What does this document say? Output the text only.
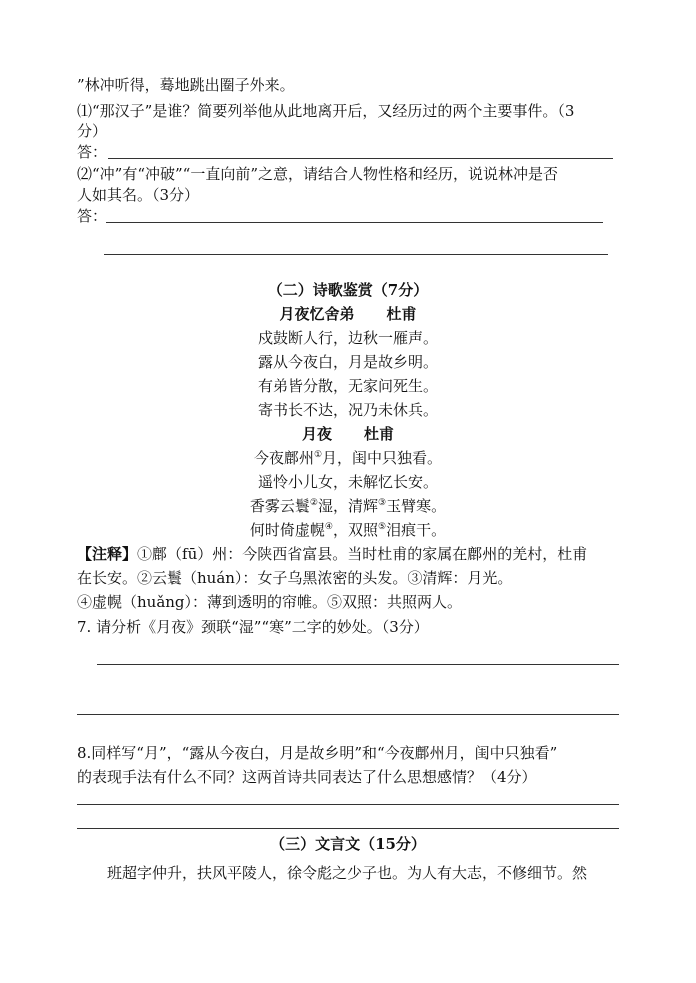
”林冲听得，蓦地跳出圈子外来。
⑴“那汉子”是谁？简要列举他从此地离开后，又经历过的两个主要事件。（3
分）
答：
⑵“冲”有“冲破”“一直向前”之意，请结合人物性格和经历，说说林冲是否
人如其名。（3分）
答：
（二）诗歌鉴赏（7分）
月夜忆舍弟 杜甫
戍鼓断人行，边秋一雁声。
露从今夜白，月是故乡明。
有弟皆分散，无家问死生。
寄书长不达，况乃未休兵。
月夜 杜甫
今夜鄜州①月，闺中只独看。
遥怜小儿女，未解忆长安。
香雾云鬟②湿，清辉③玉臂寒。
何时倚虚幌④，双照⑤泪痕干。
【注释】①鄜（fū）州：今陕西省富县。当时杜甫的家属在鄜州的羌村，杜甫
在长安。②云鬟（huán）：女子乌黑浓密的头发。③清辉：月光。
④虚幌（huǎng）：薄到透明的帘帷。⑤双照：共照两人。
7. 请分析《月夜》颈联“湿”“寒”二字的妙处。（3分）
8.同样写“月”，“露从今夜白，月是故乡明”和“今夜鄜州月，闺中只独看”
的表现手法有什么不同？这两首诗共同表达了什么思想感情？（4分）
（三）文言文（15分）
班超字仲升，扶风平陵人，徐令彪之少子也。为人有大志，不修细节。然
